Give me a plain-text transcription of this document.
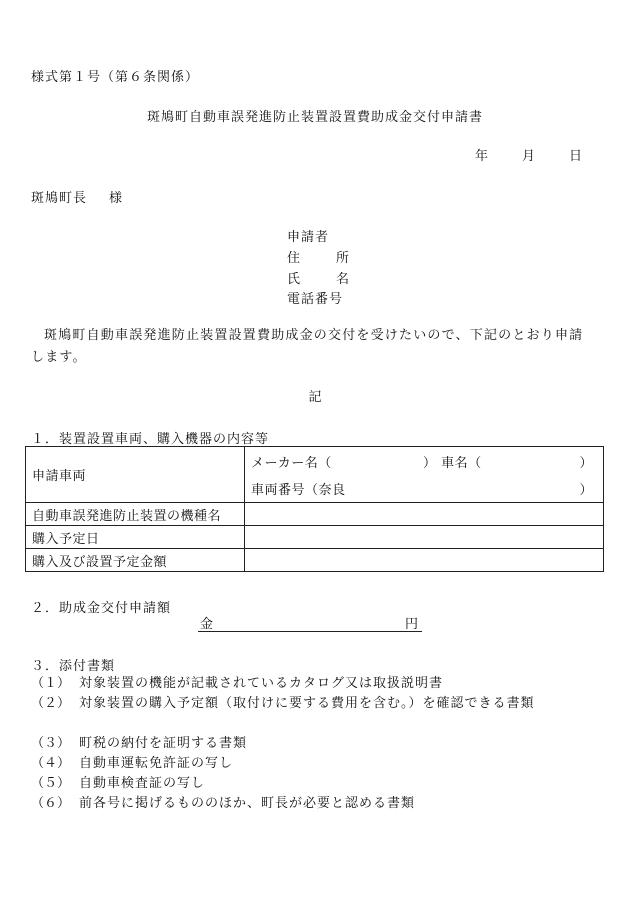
様式第１号（第６条関係）
斑鳩町自動車誤発進防止装置設置費助成金交付申請書
年	月	日
斑鳩町長 様
申請者
住	所
氏	名
電話番号
斑鳩町自動車誤発進防止装置設置費助成金の交付を受けたいので、下記のとおり申請します。
記
１．装置設置車両、購入機器の内容等
申請車両	メーカー名（ ） 車名（ ）
車両番号（奈良 ）

自動車誤発進防止装置の機種名	
購入予定日	
購入及び設置予定金額	
２．助成金交付申請額
金	円
３．添付書類
（１） 対象装置の機能が記載されているカタログ又は取扱説明書
（２） 対象装置の購入予定額（取付けに要する費用を含む。）を確認できる書類
（３） 町税の納付を証明する書類
（４） 自動車運転免許証の写し
（５） 自動車検査証の写し
（６） 前各号に掲げるもののほか、町長が必要と認める書類
